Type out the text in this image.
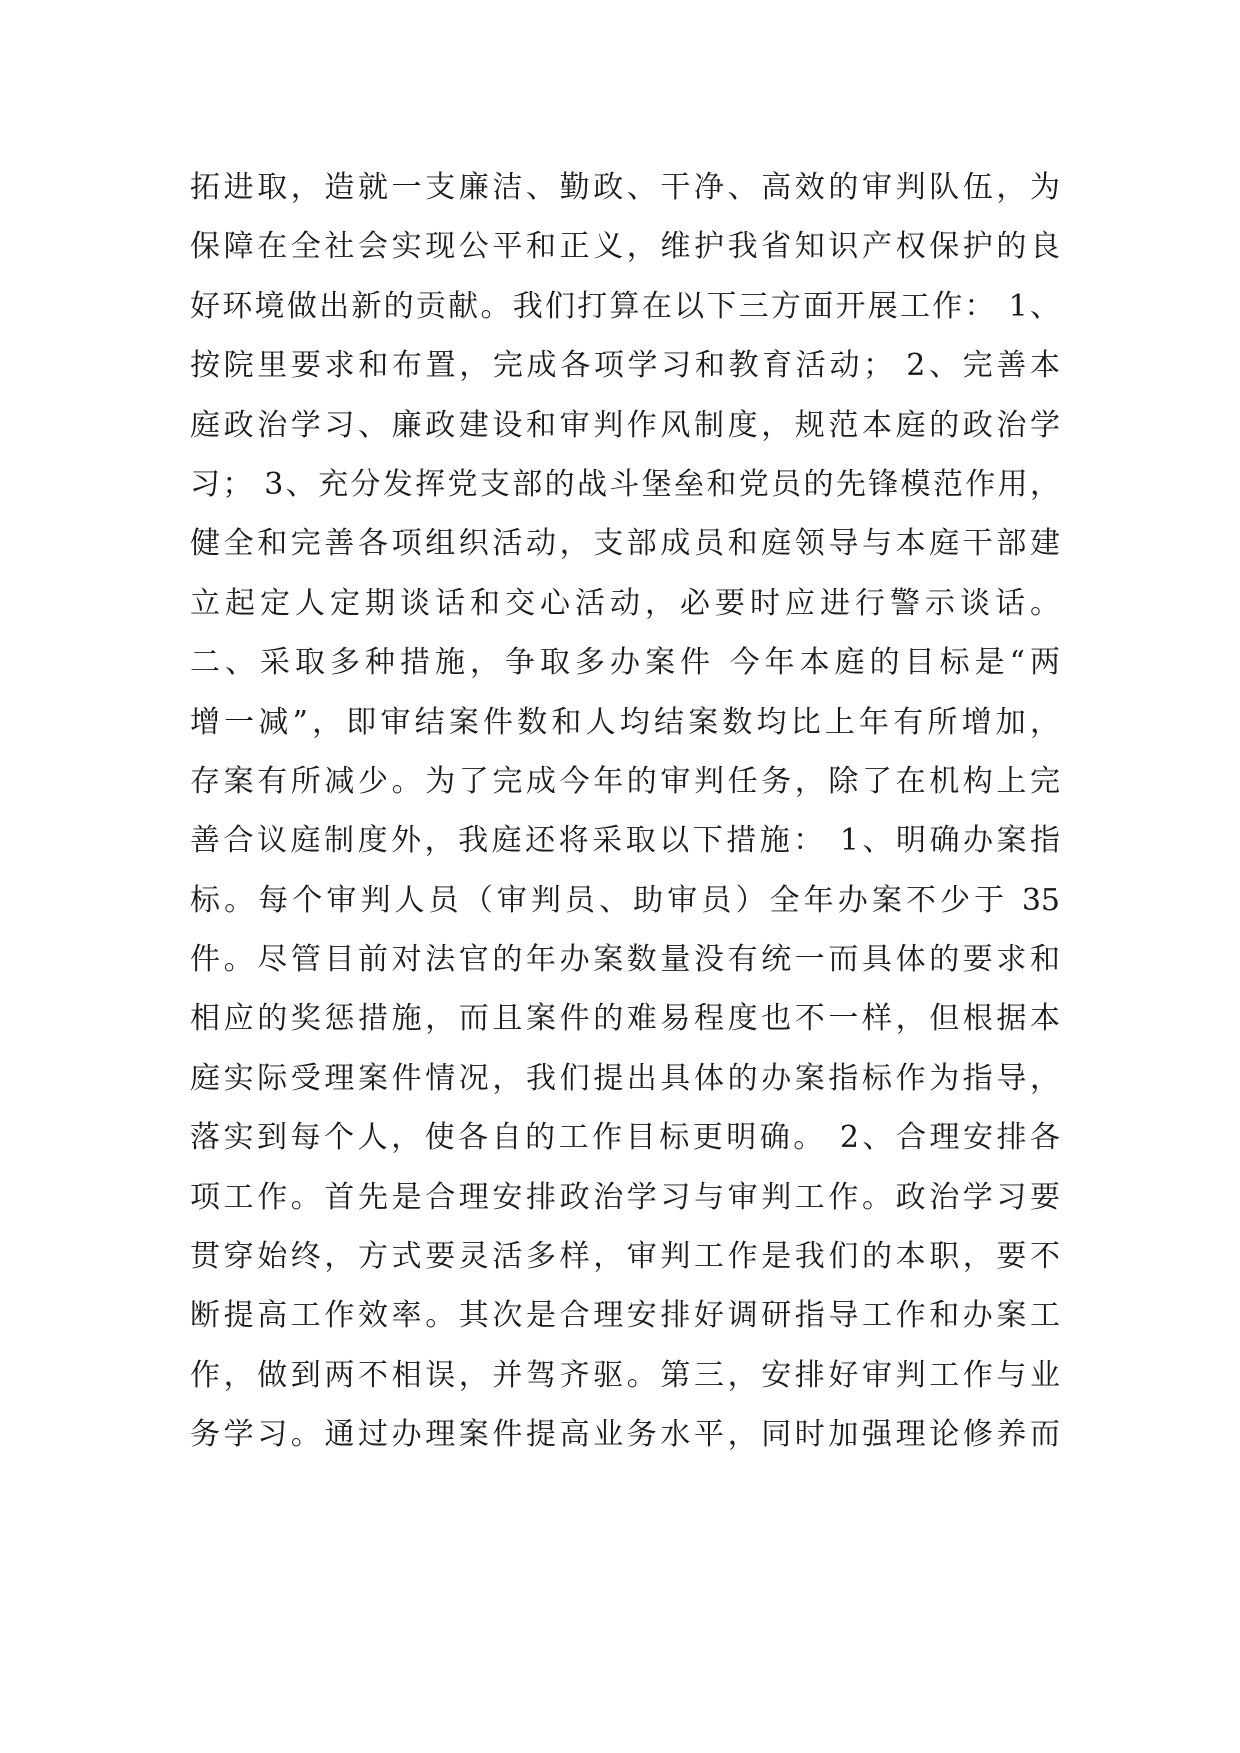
拓进取，造就一支廉洁、勤政、干净、高效的审判队伍，为
保障在全社会实现公平和正义，维护我省知识产权保护的良
好环境做出新的贡献。我们打算在以下三方面开展工作： 1、
按院里要求和布置，完成各项学习和教育活动； 2、完善本
庭政治学习、廉政建设和审判作风制度，规范本庭的政治学
习； 3、充分发挥党支部的战斗堡垒和党员的先锋模范作用，
健全和完善各项组织活动，支部成员和庭领导与本庭干部建
立起定人定期谈话和交心活动，必要时应进行警示谈话。
二、采取多种措施，争取多办案件 今年本庭的目标是“两
增一减”，即审结案件数和人均结案数均比上年有所增加，
存案有所减少。为了完成今年的审判任务，除了在机构上完
善合议庭制度外，我庭还将采取以下措施： 1、明确办案指
标。每个审判人员（审判员、助审员）全年办案不少于 35
件。尽管目前对法官的年办案数量没有统一而具体的要求和
相应的奖惩措施，而且案件的难易程度也不一样，但根据本
庭实际受理案件情况，我们提出具体的办案指标作为指导，
落实到每个人，使各自的工作目标更明确。 2、合理安排各
项工作。首先是合理安排政治学习与审判工作。政治学习要
贯穿始终，方式要灵活多样，审判工作是我们的本职，要不
断提高工作效率。其次是合理安排好调研指导工作和办案工
作，做到两不相误，并驾齐驱。第三，安排好审判工作与业
务学习。通过办理案件提高业务水平，同时加强理论修养而
